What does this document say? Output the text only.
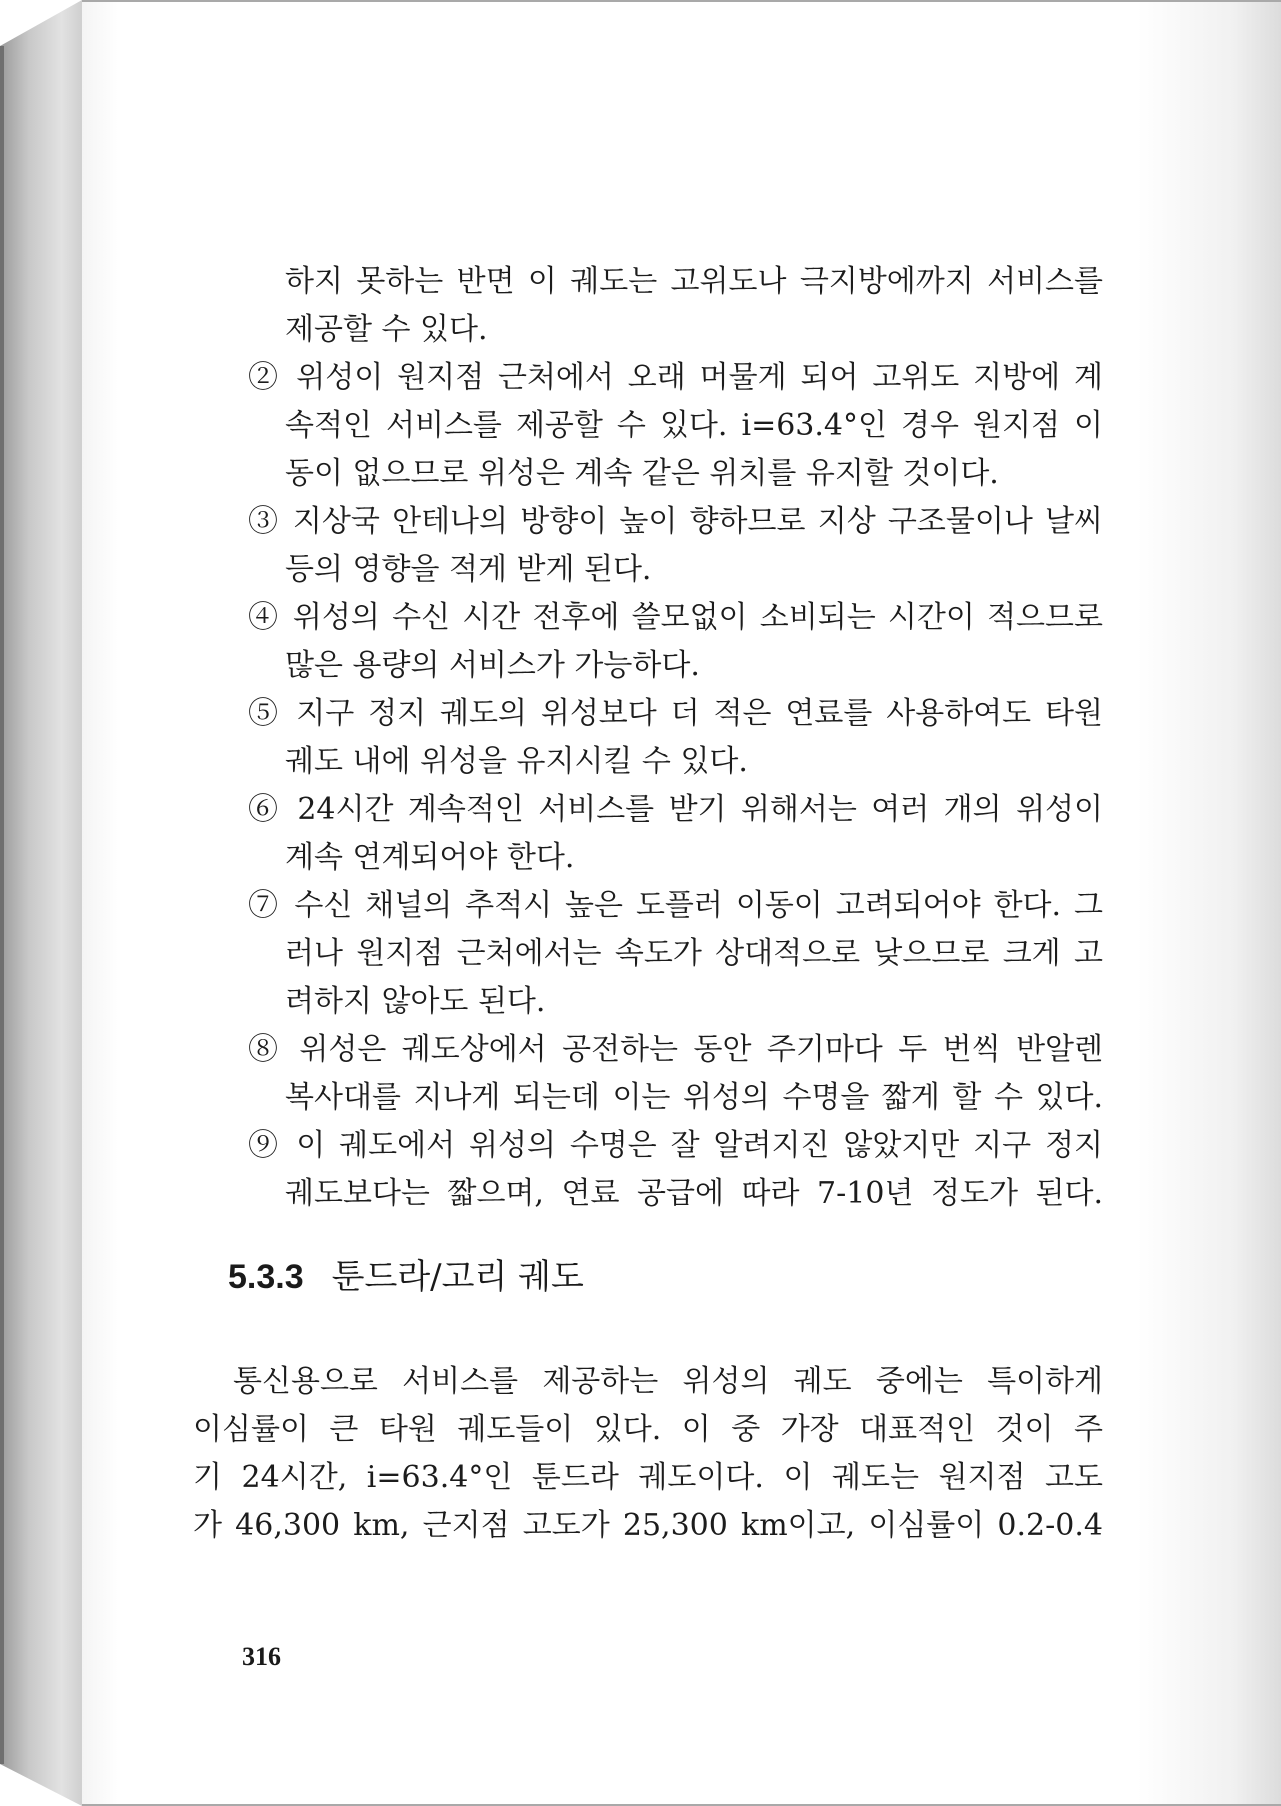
하지 못하는 반면 이 궤도는 고위도나 극지방에까지 서비스를
제공할 수 있다.
② 위성이 원지점 근처에서 오래 머물게 되어 고위도 지방에 계
속적인 서비스를 제공할 수 있다. i=63.4°인 경우 원지점 이
동이 없으므로 위성은 계속 같은 위치를 유지할 것이다.
③ 지상국 안테나의 방향이 높이 향하므로 지상 구조물이나 날씨
등의 영향을 적게 받게 된다.
④ 위성의 수신 시간 전후에 쓸모없이 소비되는 시간이 적으므로
많은 용량의 서비스가 가능하다.
⑤ 지구 정지 궤도의 위성보다 더 적은 연료를 사용하여도 타원
궤도 내에 위성을 유지시킬 수 있다.
⑥ 24시간 계속적인 서비스를 받기 위해서는 여러 개의 위성이
계속 연계되어야 한다.
⑦ 수신 채널의 추적시 높은 도플러 이동이 고려되어야 한다. 그
러나 원지점 근처에서는 속도가 상대적으로 낮으므로 크게 고
려하지 않아도 된다.
⑧ 위성은 궤도상에서 공전하는 동안 주기마다 두 번씩 반알렌
복사대를 지나게 되는데 이는 위성의 수명을 짧게 할 수 있다.
⑨ 이 궤도에서 위성의 수명은 잘 알려지진 않았지만 지구 정지
궤도보다는 짧으며, 연료 공급에 따라 7-10년 정도가 된다.
5.3.3 툰드라/고리 궤도
통신용으로 서비스를 제공하는 위성의 궤도 중에는 특이하게
이심률이 큰 타원 궤도들이 있다. 이 중 가장 대표적인 것이 주
기 24시간, i=63.4°인 툰드라 궤도이다. 이 궤도는 원지점 고도
가 46,300 km, 근지점 고도가 25,300 km이고, 이심률이 0.2-0.4
316
